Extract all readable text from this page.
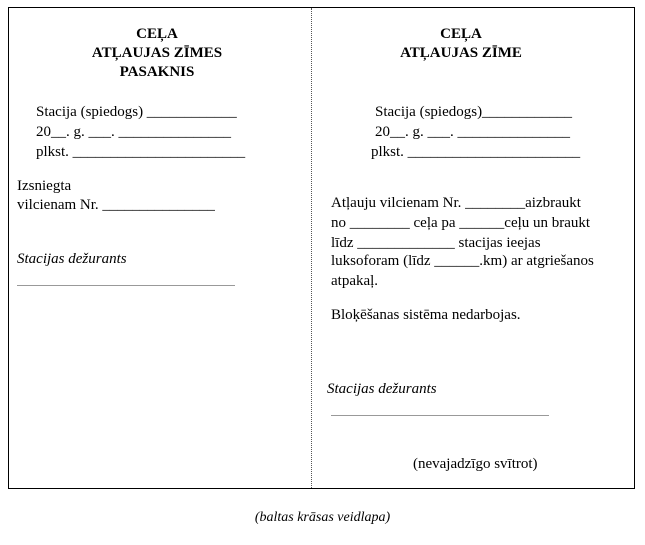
CEĻA
ATĻAUJAS ZĪMES
PASAKNIS
Stacija (spiedogs) ____________
20__. g. ___. _______________
plkst. _______________________
Izsniegta
vilcienam Nr. _______________
Stacijas dežurants
CEĻA
ATĻAUJAS ZĪME
Stacija (spiedogs)____________
20__. g. ___. _______________
plkst. _______________________
Atļauju vilcienam Nr. ________aizbraukt
no ________ ceļa pa ______ceļu un braukt
līdz _____________ stacijas ieejas
luksoforam (līdz ______.km) ar atgriešanos
atpakaļ.
Bloķēšanas sistēma nedarbojas.
Stacijas dežurants
(nevajadzīgo svītrot)
(baltas krāsas veidlapa)
